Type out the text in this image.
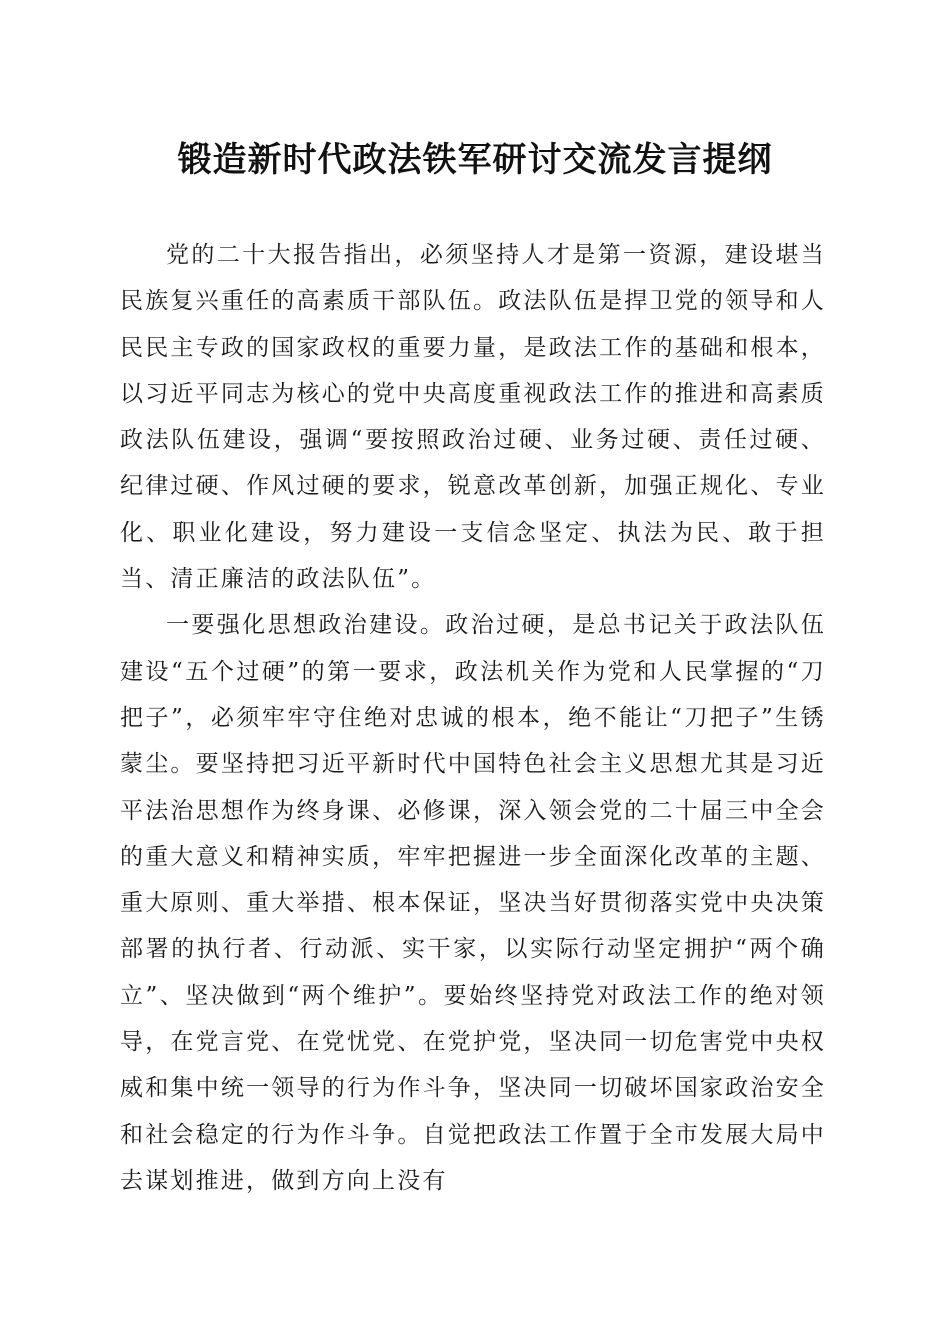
锻造新时代政法铁军研讨交流发言提纲

党的二十大报告指出，必须坚持人才是第一资源，建设堪当民族复兴重任的高素质干部队伍。政法队伍是捍卫党的领导和人民民主专政的国家政权的重要力量，是政法工作的基础和根本，以习近平同志为核心的党中央高度重视政法工作的推进和高素质政法队伍建设，强调“要按照政治过硬、业务过硬、责任过硬、纪律过硬、作风过硬的要求，锐意改革创新，加强正规化、专业化、职业化建设，努力建设一支信念坚定、执法为民、敢于担当、清正廉洁的政法队伍”。

一要强化思想政治建设。政治过硬，是总书记关于政法队伍建设“五个过硬”的第一要求，政法机关作为党和人民掌握的“刀把子”，必须牢牢守住绝对忠诚的根本，绝不能让“刀把子”生锈蒙尘。要坚持把习近平新时代中国特色社会主义思想尤其是习近平法治思想作为终身课、必修课，深入领会党的二十届三中全会的重大意义和精神实质，牢牢把握进一步全面深化改革的主题、重大原则、重大举措、根本保证，坚决当好贯彻落实党中央决策部署的执行者、行动派、实干家，以实际行动坚定拥护“两个确立”、坚决做到“两个维护”。要始终坚持党对政法工作的绝对领导，在党言党、在党忧党、在党护党，坚决同一切危害党中央权威和集中统一领导的行为作斗争，坚决同一切破坏国家政治安全和社会稳定的行为作斗争。自觉把政法工作置于全市发展大局中去谋划推进，做到方向上没有
